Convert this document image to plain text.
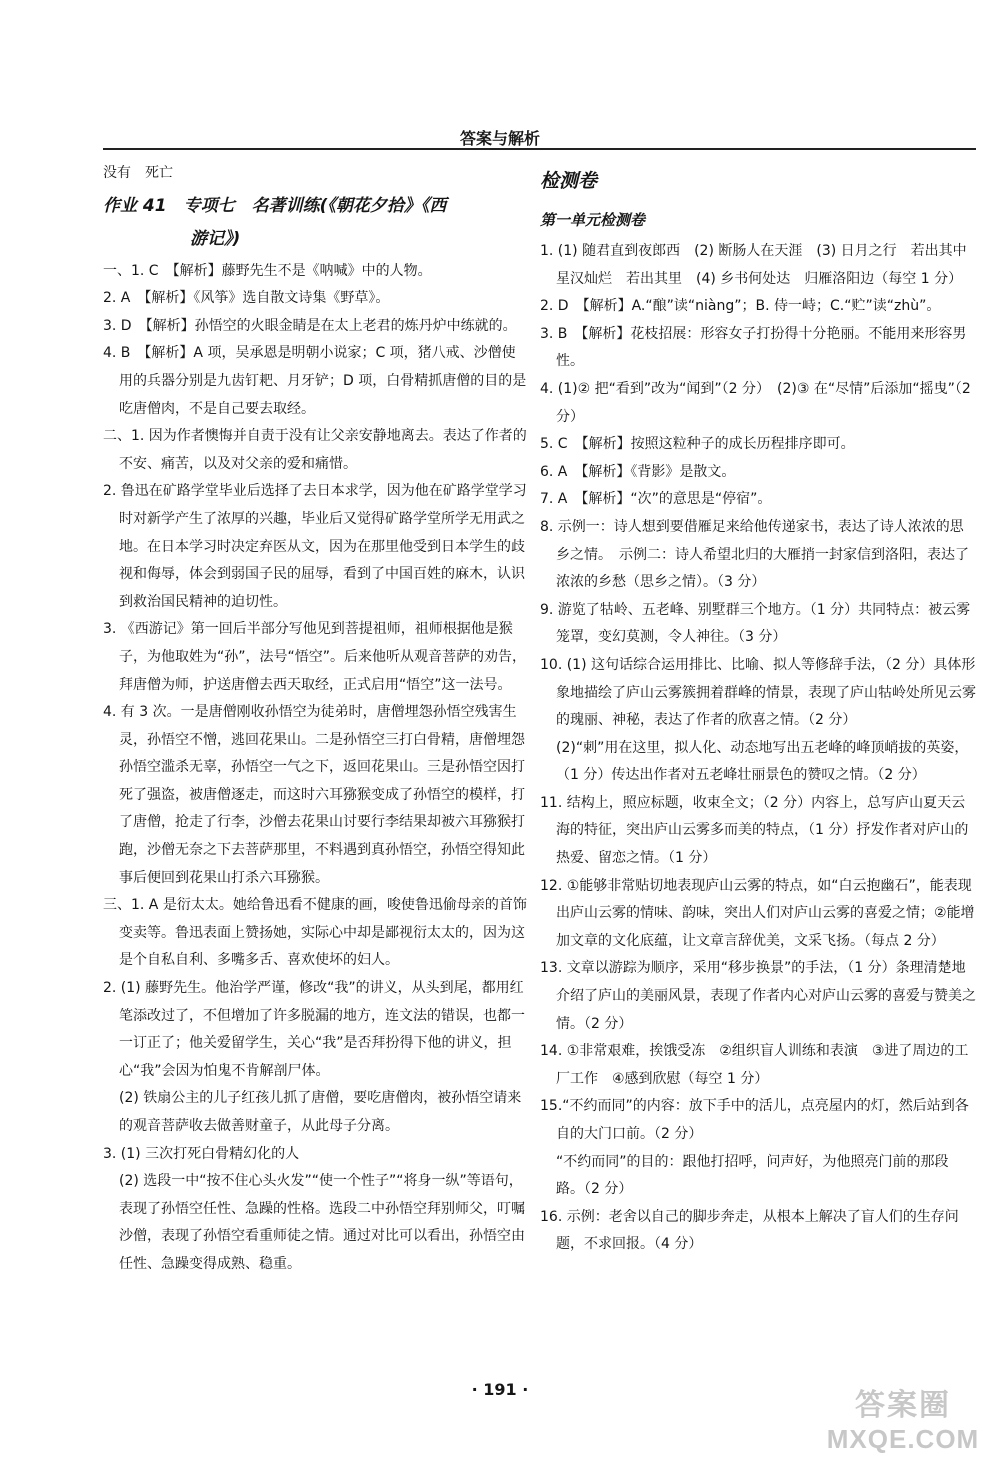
答案与解析

没有　死亡

作业 41　专项七　名著训练(《朝花夕拾》《西
游记》)

一、1. C　【解析】藤野先生不是《呐喊》中的人物。

2. A　【解析】《风筝》选自散文诗集《野草》。

3. D　【解析】孙悟空的火眼金睛是在太上老君的炼丹炉中练就的。

4. B　【解析】A 项，吴承恩是明朝小说家；C 项，猪八戒、沙僧使用的兵器分别是九齿钉耙、月牙铲；D 项，白骨精抓唐僧的目的是吃唐僧肉，不是自己要去取经。

二、1. 因为作者懊悔并自责于没有让父亲安静地离去。表达了作者的不安、痛苦，以及对父亲的爱和痛惜。

2. 鲁迅在矿路学堂毕业后选择了去日本求学，因为他在矿路学堂学习时对新学产生了浓厚的兴趣，毕业后又觉得矿路学堂所学无用武之地。在日本学习时决定弃医从文，因为在那里他受到日本学生的歧视和侮辱，体会到弱国子民的屈辱，看到了中国百姓的麻木，认识到救治国民精神的迫切性。

3. 《西游记》第一回后半部分写他见到菩提祖师，祖师根据他是猴子，为他取姓为“孙”，法号“悟空”。后来他听从观音菩萨的劝告，拜唐僧为师，护送唐僧去西天取经，正式启用“悟空”这一法号。

4. 有 3 次。一是唐僧刚收孙悟空为徒弟时，唐僧埋怨孙悟空残害生灵，孙悟空不憎，逃回花果山。二是孙悟空三打白骨精，唐僧埋怨孙悟空滥杀无辜，孙悟空一气之下，返回花果山。三是孙悟空因打死了强盗，被唐僧逐走，而这时六耳猕猴变成了孙悟空的模样，打了唐僧，抢走了行李，沙僧去花果山讨要行李结果却被六耳猕猴打跑，沙僧无奈之下去菩萨那里，不料遇到真孙悟空，孙悟空得知此事后便回到花果山打杀六耳猕猴。

三、1. A 是衍太太。她给鲁迅看不健康的画，唆使鲁迅偷母亲的首饰变卖等。鲁迅表面上赞扬她，实际心中却是鄙视衍太太的，因为这是个自私自利、多嘴多舌、喜欢使坏的妇人。

2. (1) 藤野先生。他治学严谨，修改“我”的讲义，从头到尾，都用红笔添改过了，不但增加了许多脱漏的地方，连文法的错误，也都一一订正了；他关爱留学生，关心“我”是否拜扮得下他的讲义，担心“我”会因为怕鬼不肯解剖尸体。

(2) 铁扇公主的儿子红孩儿抓了唐僧，要吃唐僧肉，被孙悟空请来的观音菩萨收去做善财童子，从此母子分离。

3. (1) 三次打死白骨精幻化的人

(2) 选段一中“按不住心头火发”“使一个性子”“将身一纵”等语句，表现了孙悟空任性、急躁的性格。选段二中孙悟空拜别师父，叮嘱沙僧，表现了孙悟空看重师徒之情。通过对比可以看出，孙悟空由任性、急躁变得成熟、稳重。

检测卷
第一单元检测卷

1. (1) 随君直到夜郎西　(2) 断肠人在天涯　(3) 日月之行　若出其中　星汉灿烂　若出其里　(4) 乡书何处达　归雁洛阳边（每空 1 分）

2. D　【解析】A.“酿”读“niàng”；B. 侍一峙；C.“贮”读“zhù”。

3. B　【解析】花枝招展：形容女子打扮得十分艳丽。不能用来形容男性。

4. (1)② 把“看到”改为“闻到”（2 分）　(2)③ 在“尽情”后添加“摇曳”（2 分）

5. C　【解析】按照这粒种子的成长历程排序即可。

6. A　【解析】《背影》是散文。

7. A　【解析】“次”的意思是“停宿”。

8. 示例一：诗人想到要借雁足来给他传递家书，表达了诗人浓浓的思乡之情。　示例二：诗人希望北归的大雁捎一封家信到洛阳，表达了浓浓的乡愁（思乡之情）。（3 分）

9. 游览了牯岭、五老峰、别墅群三个地方。（1 分）共同特点：被云雾笼罩，变幻莫测，令人神往。（3 分）

10. (1) 这句话综合运用排比、比喻、拟人等修辞手法，（2 分）具体形象地描绘了庐山云雾簇拥着群峰的情景，表现了庐山牯岭处所见云雾的瑰丽、神秘，表达了作者的欣喜之情。（2 分）

(2)“刺”用在这里，拟人化、动态地写出五老峰的峰顶峭拔的英姿，（1 分）传达出作者对五老峰壮丽景色的赞叹之情。（2 分）

11. 结构上，照应标题，收束全文；（2 分）内容上，总写庐山夏天云海的特征，突出庐山云雾多而美的特点，（1 分）抒发作者对庐山的热爱、留恋之情。（1 分）

12. ①能够非常贴切地表现庐山云雾的特点，如“白云抱幽石”，能表现出庐山云雾的情味、韵味，突出人们对庐山云雾的喜爱之情；②能增加文章的文化底蕴，让文章言辞优美，文采飞扬。（每点 2 分）

13. 文章以游踪为顺序，采用“移步换景”的手法，（1 分）条理清楚地介绍了庐山的美丽风景，表现了作者内心对庐山云雾的喜爱与赞美之情。（2 分）

14. ①非常艰难，挨饿受冻　②组织盲人训练和表演　③进了周边的工厂工作　④感到欣慰（每空 1 分）

15.“不约而同”的内容：放下手中的活儿，点亮屋内的灯，然后站到各自的大门口前。（2 分）

“不约而同”的目的：跟他打招呼，问声好，为他照亮门前的那段路。（2 分）

16. 示例：老舍以自己的脚步奔走，从根本上解决了盲人们的生存问题，不求回报。（4 分）

· 191 ·	答案圈
MXQE.COM
